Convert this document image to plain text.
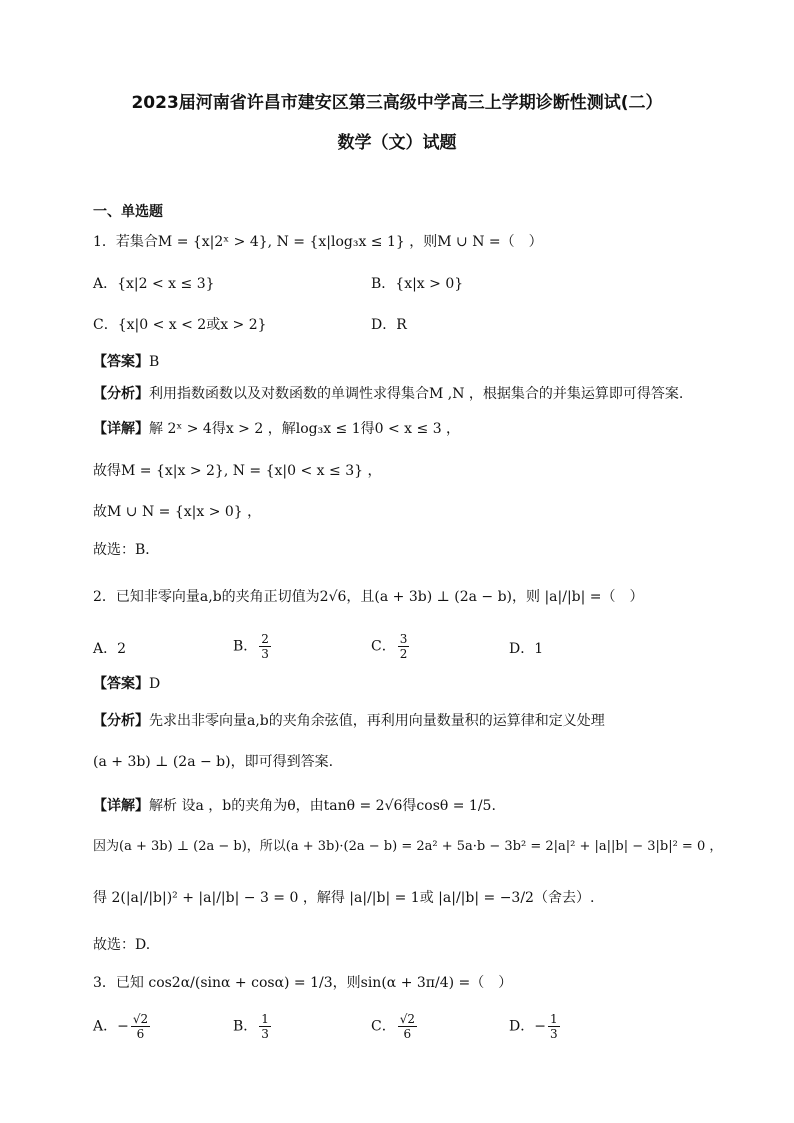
2023届河南省许昌市建安区第三高级中学高三上学期诊断性测试(二）
数学（文）试题
一、单选题
1．若集合M = {x|2ˣ > 4}, N = {x|log₃x ≤ 1} ，则M ∪ N =（　）
A．{x|2 < x ≤ 3}	B．{x|x > 0}
C．{x|0 < x < 2或x > 2}	D．R
【答案】B
【分析】利用指数函数以及对数函数的单调性求得集合M ,N ，根据集合的并集运算即可得答案.
【详解】解 2ˣ > 4得x > 2 ，解log₃x ≤ 1得0 < x ≤ 3 ，
故得M = {x|x > 2}, N = {x|0 < x ≤ 3} ，
故M ∪ N = {x|x > 0} ，
故选：B．
2．已知非零向量a,b的夹角正切值为2√6，且(a + 3b) ⊥ (2a − b)，则 |a|/|b| =（　）
A．2	B． $\frac{2}{3}$	C． $\frac{3}{2}$	D．1
【答案】D
【分析】先求出非零向量a,b的夹角余弦值，再利用向量数量积的运算律和定义处理
(a + 3b) ⊥ (2a − b)，即可得到答案.
【详解】解析 设a ，b的夹角为θ，由tanθ = 2√6得cosθ = 1/5.
因为(a + 3b) ⊥ (2a − b)，所以(a + 3b)·(2a − b) = 2a² + 5a·b − 3b² = 2|a|² + |a||b| − 3|b|² = 0 ，
得 2(|a|/|b|)² + |a|/|b| − 3 = 0 ，解得 |a|/|b| = 1或 |a|/|b| = −3/2（舍去）.
故选：D.
3．已知 cos2α/(sinα + cosα) = 1/3，则sin(α + 3π/4) =（　）
A．− $\frac{√2}{6}$	B． $\frac{1}{3}$	C． $\frac{√2}{6}$	D．− $\frac{1}{3}$
